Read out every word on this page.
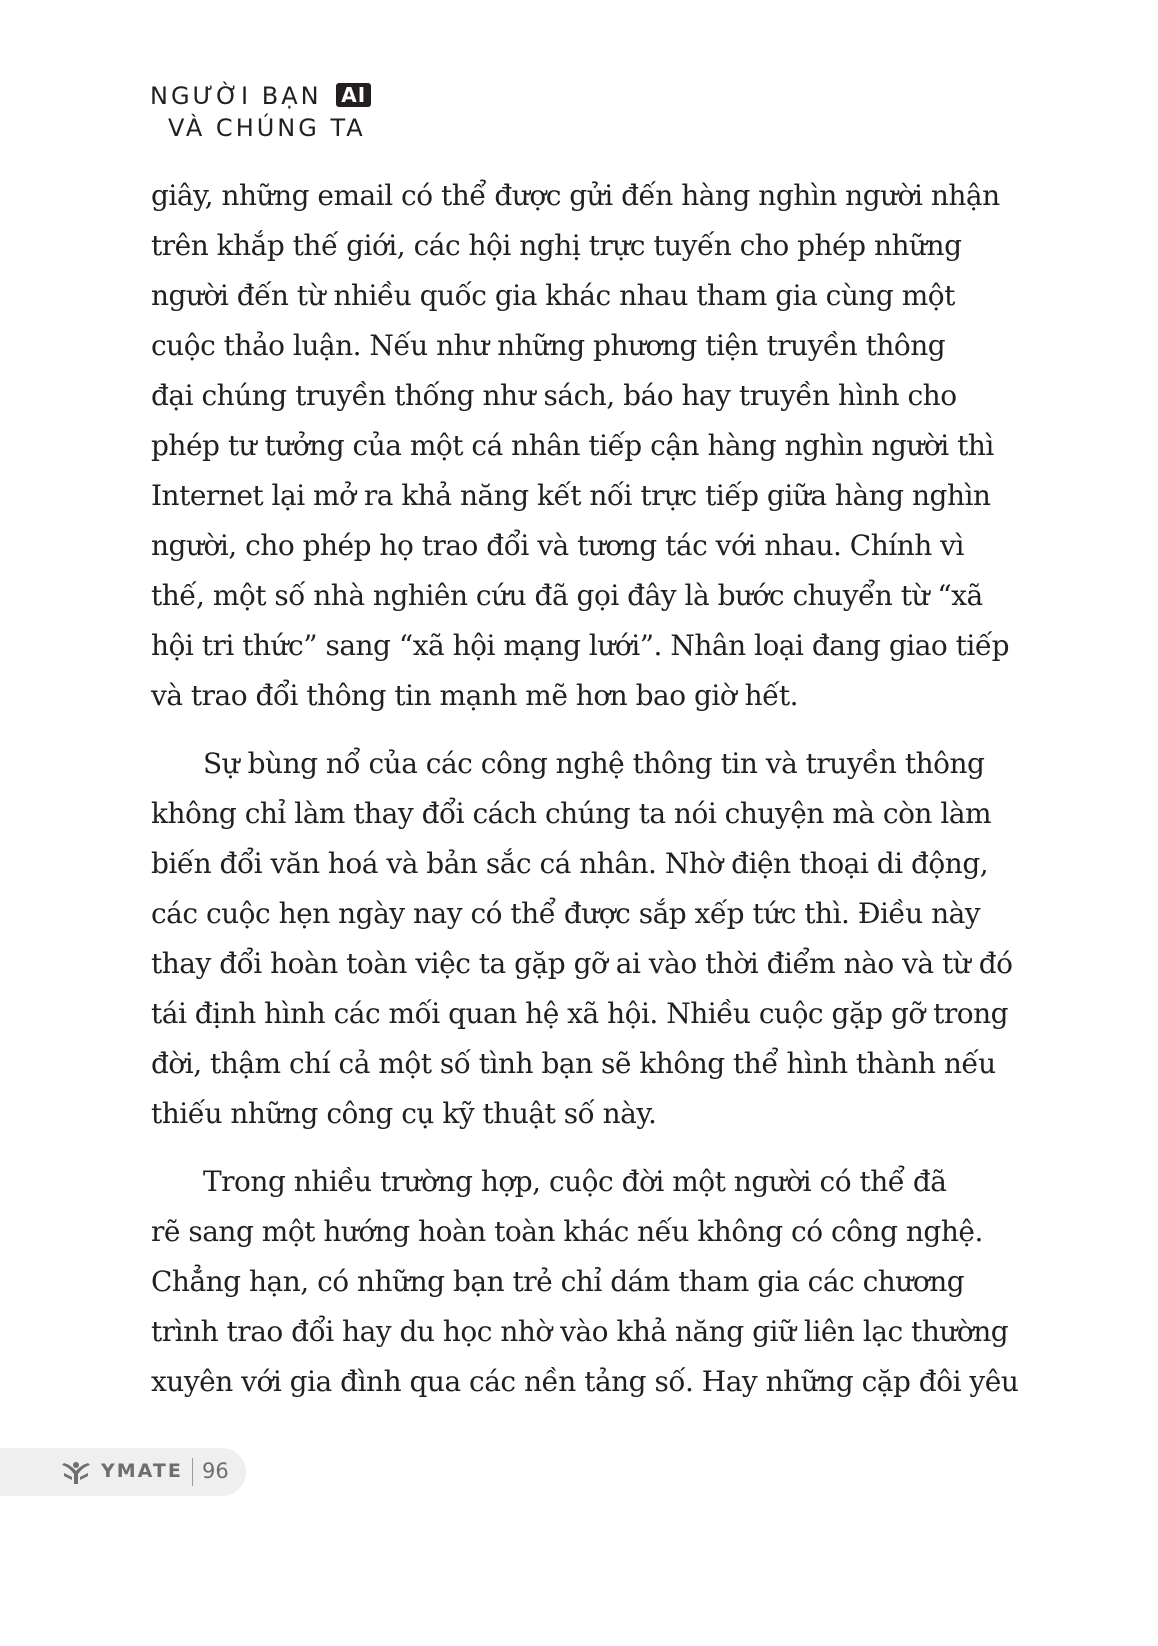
NGƯỜI BẠN AI
VÀ CHÚNG TA
giây, những email có thể được gửi đến hàng nghìn người nhận
trên khắp thế giới, các hội nghị trực tuyến cho phép những
người đến từ nhiều quốc gia khác nhau tham gia cùng một
cuộc thảo luận. Nếu như những phương tiện truyền thông
đại chúng truyền thống như sách, báo hay truyền hình cho
phép tư tưởng của một cá nhân tiếp cận hàng nghìn người thì
Internet lại mở ra khả năng kết nối trực tiếp giữa hàng nghìn
người, cho phép họ trao đổi và tương tác với nhau. Chính vì
thế, một số nhà nghiên cứu đã gọi đây là bước chuyển từ “xã
hội tri thức” sang “xã hội mạng lưới”. Nhân loại đang giao tiếp
và trao đổi thông tin mạnh mẽ hơn bao giờ hết.
Sự bùng nổ của các công nghệ thông tin và truyền thông
không chỉ làm thay đổi cách chúng ta nói chuyện mà còn làm
biến đổi văn hoá và bản sắc cá nhân. Nhờ điện thoại di động,
các cuộc hẹn ngày nay có thể được sắp xếp tức thì. Điều này
thay đổi hoàn toàn việc ta gặp gỡ ai vào thời điểm nào và từ đó
tái định hình các mối quan hệ xã hội. Nhiều cuộc gặp gỡ trong
đời, thậm chí cả một số tình bạn sẽ không thể hình thành nếu
thiếu những công cụ kỹ thuật số này.
Trong nhiều trường hợp, cuộc đời một người có thể đã
rẽ sang một hướng hoàn toàn khác nếu không có công nghệ.
Chẳng hạn, có những bạn trẻ chỉ dám tham gia các chương
trình trao đổi hay du học nhờ vào khả năng giữ liên lạc thường
xuyên với gia đình qua các nền tảng số. Hay những cặp đôi yêu
YMATE 96
